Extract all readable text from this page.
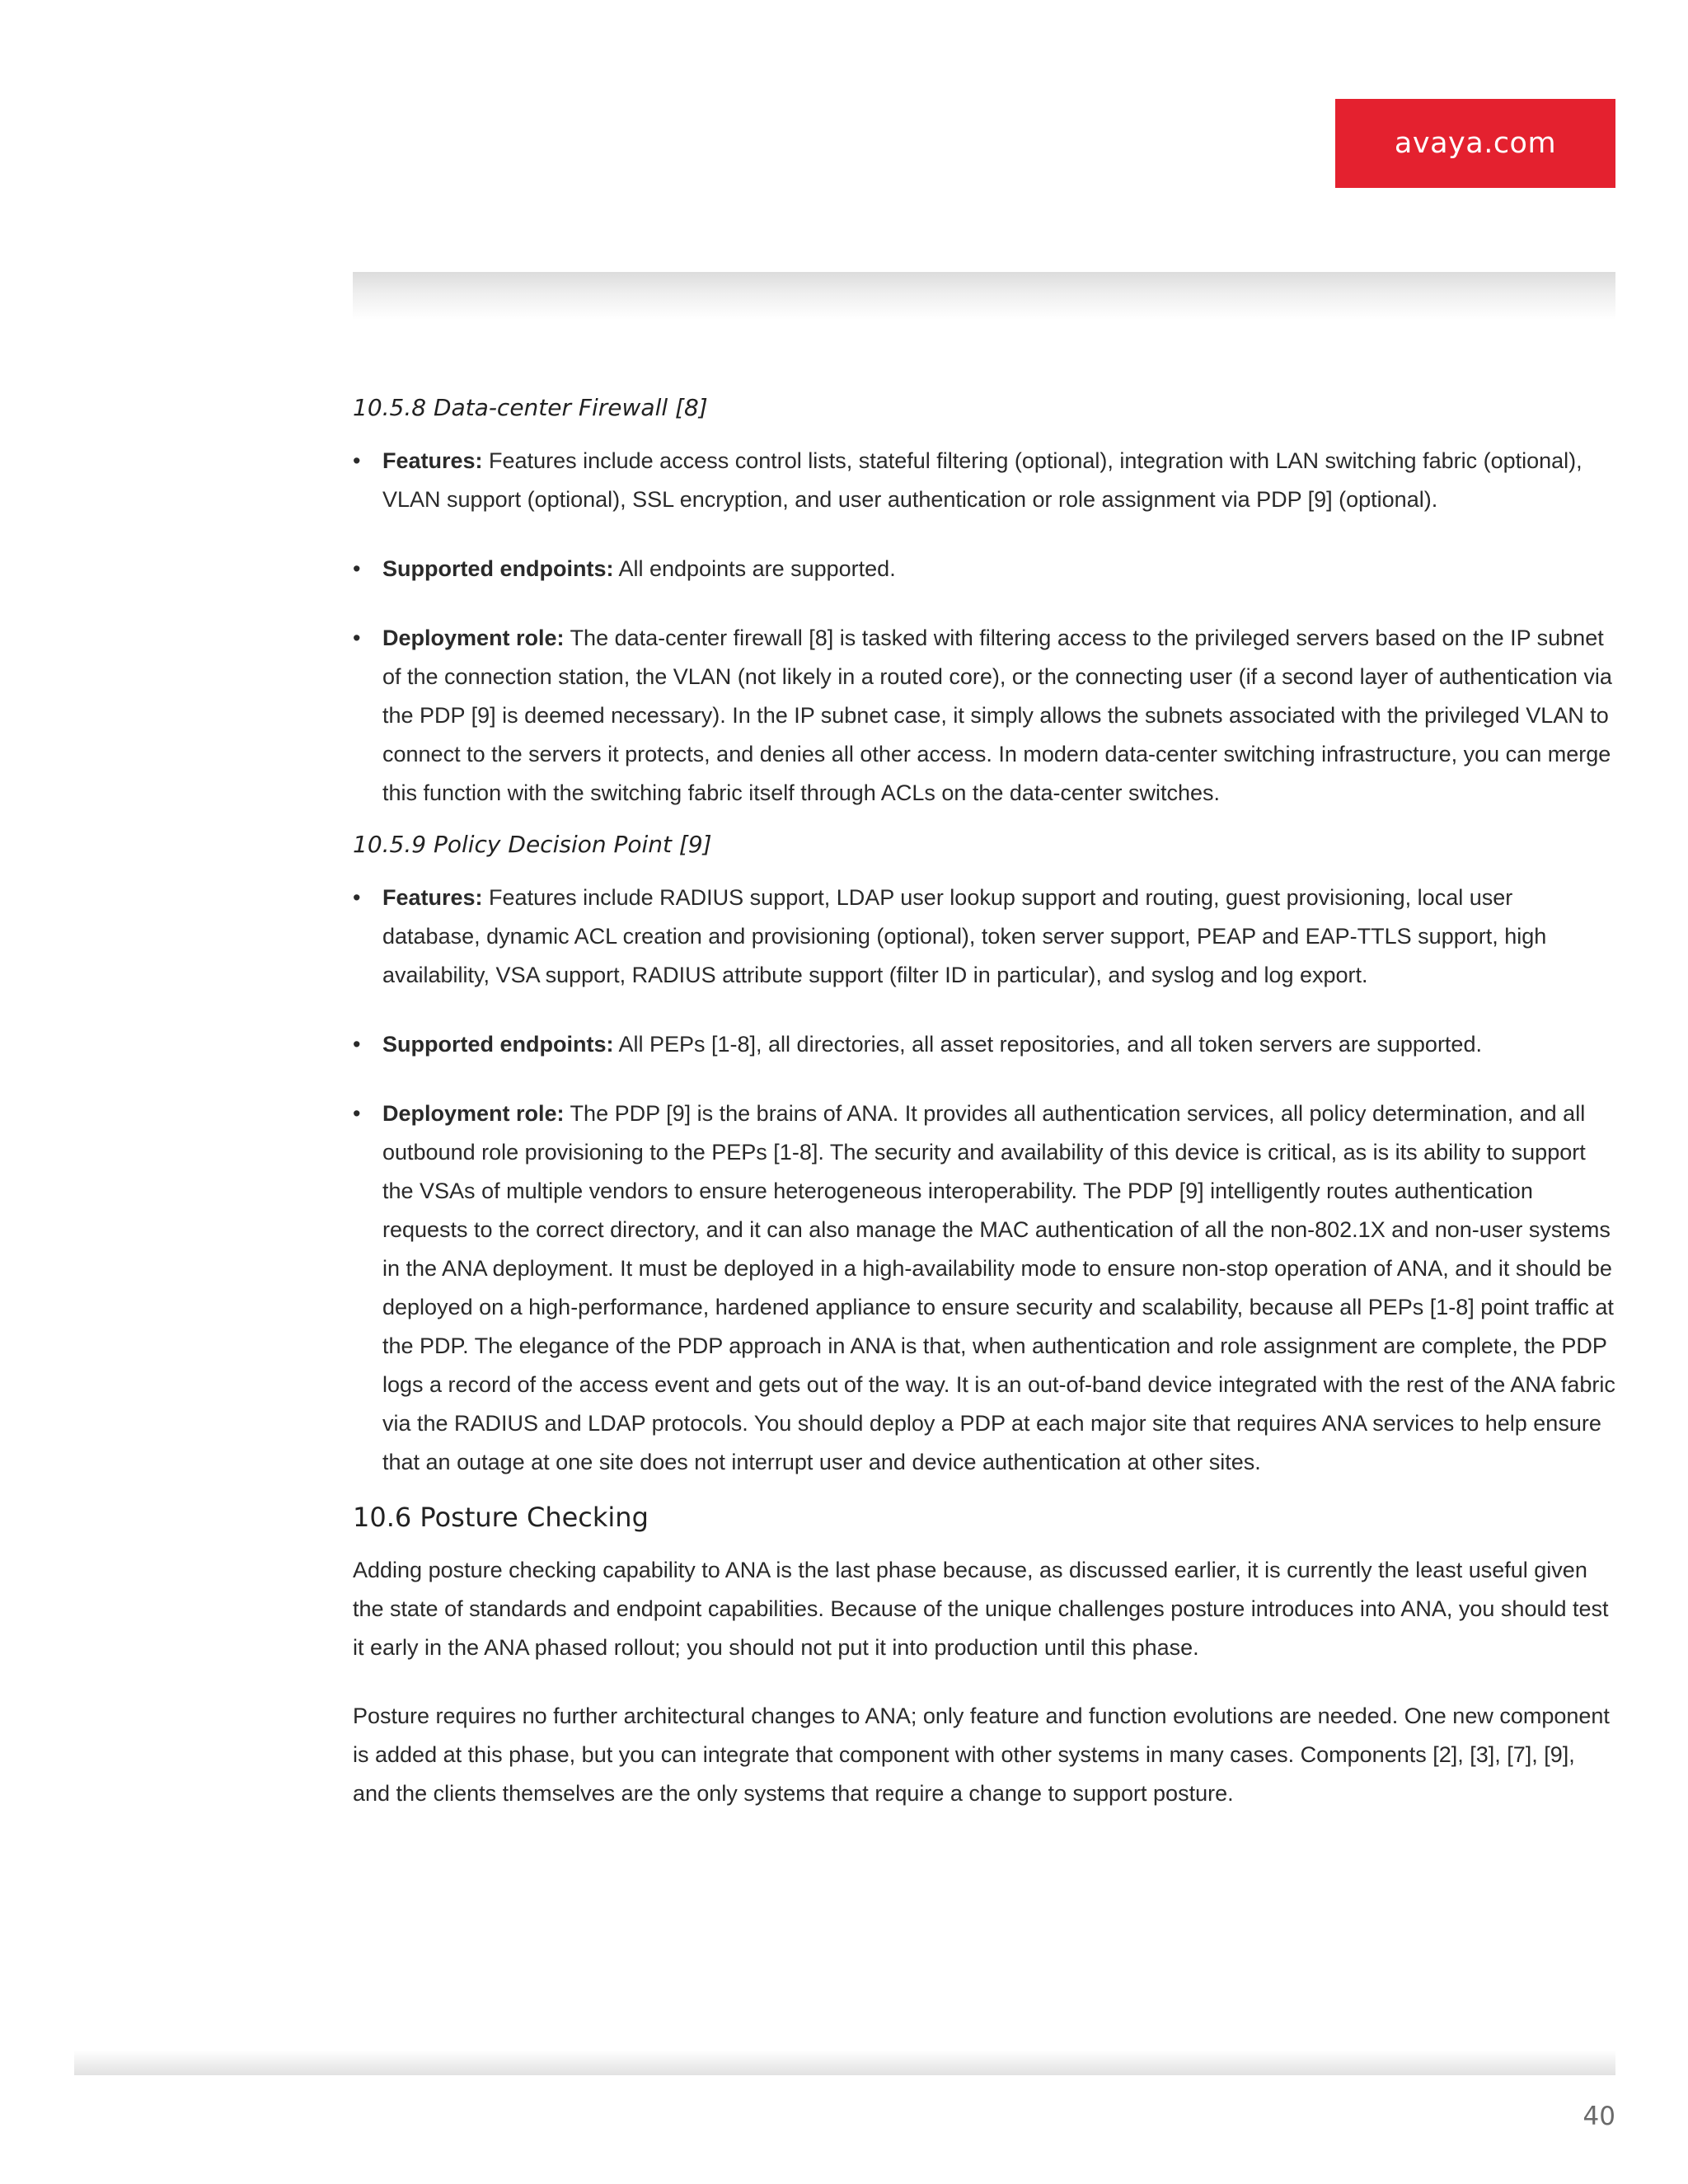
avaya.com
10.5.8 Data-center Firewall [8]
• Features: Features include access control lists, stateful filtering (optional), integration with LAN switching fabric (optional), VLAN support (optional), SSL encryption, and user authentication or role assignment via PDP [9] (optional).
• Supported endpoints: All endpoints are supported.
• Deployment role: The data-center firewall [8] is tasked with filtering access to the privileged servers based on the IP subnet of the connection station, the VLAN (not likely in a routed core), or the connecting user (if a second layer of authentication via the PDP [9] is deemed necessary). In the IP subnet case, it simply allows the subnets associated with the privileged VLAN to connect to the servers it protects, and denies all other access. In modern data-center switching infrastructure, you can merge this function with the switching fabric itself through ACLs on the data-center switches.
10.5.9 Policy Decision Point [9]
• Features: Features include RADIUS support, LDAP user lookup support and routing, guest provisioning, local user database, dynamic ACL creation and provisioning (optional), token server support, PEAP and EAP-TTLS support, high availability, VSA support, RADIUS attribute support (filter ID in particular), and syslog and log export.
• Supported endpoints: All PEPs [1-8], all directories, all asset repositories, and all token servers are supported.
• Deployment role: The PDP [9] is the brains of ANA. It provides all authentication services, all policy determination, and all outbound role provisioning to the PEPs [1-8]. The security and availability of this device is critical, as is its ability to support the VSAs of multiple vendors to ensure heterogeneous interoperability. The PDP [9] intelligently routes authentication requests to the correct directory, and it can also manage the MAC authentication of all the non-802.1X and non-user systems in the ANA deployment. It must be deployed in a high-availability mode to ensure non-stop operation of ANA, and it should be deployed on a high-performance, hardened appliance to ensure security and scalability, because all PEPs [1-8] point traffic at the PDP. The elegance of the PDP approach in ANA is that, when authentication and role assignment are complete, the PDP logs a record of the access event and gets out of the way. It is an out-of-band device integrated with the rest of the ANA fabric via the RADIUS and LDAP protocols. You should deploy a PDP at each major site that requires ANA services to help ensure that an outage at one site does not interrupt user and device authentication at other sites.
10.6 Posture Checking

Adding posture checking capability to ANA is the last phase because, as discussed earlier, it is currently the least useful given the state of standards and endpoint capabilities. Because of the unique challenges posture introduces into ANA, you should test it early in the ANA phased rollout; you should not put it into production until this phase.

Posture requires no further architectural changes to ANA; only feature and function evolutions are needed. One new component is added at this phase, but you can integrate that component with other systems in many cases. Components [2], [3], [7], [9], and the clients themselves are the only systems that require a change to support posture.

40
